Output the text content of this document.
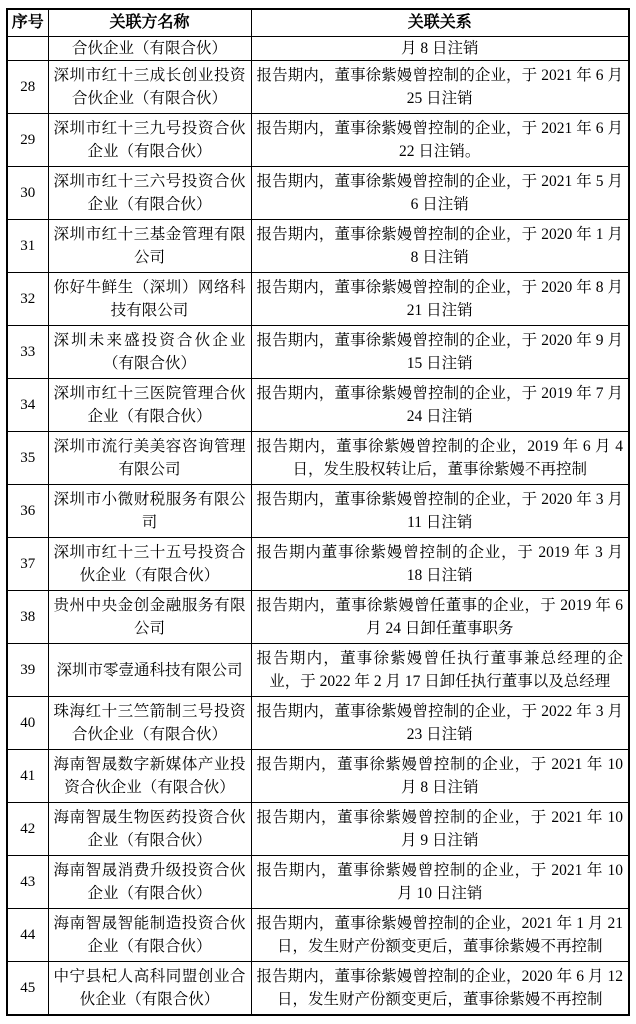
序号	关联方名称	关联关系
	合伙企业（有限合伙）	月 8 日注销
28	深圳市红十三成长创业投资合伙企业（有限合伙）	报告期内，董事徐紫嫚曾控制的企业，于 2021 年 6 月 25 日注销
29	深圳市红十三九号投资合伙企业（有限合伙）	报告期内，董事徐紫嫚曾控制的企业，于 2021 年 6 月 22 日注销。
30	深圳市红十三六号投资合伙企业（有限合伙）	报告期内，董事徐紫嫚曾控制的企业，于 2021 年 5 月 6 日注销
31	深圳市红十三基金管理有限公司	报告期内，董事徐紫嫚曾控制的企业，于 2020 年 1 月 8 日注销
32	你好牛鲜生（深圳）网络科技有限公司	报告期内，董事徐紫嫚曾控制的企业，于 2020 年 8 月 21 日注销
33	深圳未来盛投资合伙企业（有限合伙）	报告期内，董事徐紫嫚曾控制的企业，于 2020 年 9 月 15 日注销
34	深圳市红十三医院管理合伙企业（有限合伙）	报告期内，董事徐紫嫚曾控制的企业，于 2019 年 7 月 24 日注销
35	深圳市流行美美容咨询管理有限公司	报告期内，董事徐紫嫚曾控制的企业，2019 年 6 月 4 日，发生股权转让后，董事徐紫嫚不再控制
36	深圳市小微财税服务有限公司	报告期内，董事徐紫嫚曾控制的企业，于 2020 年 3 月 11 日注销
37	深圳市红十三十五号投资合伙企业（有限合伙）	报告期内董事徐紫嫚曾控制的企业，于 2019 年 3 月 18 日注销
38	贵州中央金创金融服务有限公司	报告期内，董事徐紫嫚曾任董事的企业，于 2019 年 6 月 24 日卸任董事职务
39	深圳市零壹通科技有限公司	报告期内，董事徐紫嫚曾任执行董事兼总经理的企业，于 2022 年 2 月 17 日卸任执行董事以及总经理
40	珠海红十三竺箭制三号投资合伙企业（有限合伙）	报告期内，董事徐紫嫚曾控制的企业，于 2022 年 3 月 23 日注销
41	海南智晟数字新媒体产业投资合伙企业（有限合伙）	报告期内，董事徐紫嫚曾控制的企业，于 2021 年 10 月 8 日注销
42	海南智晟生物医药投资合伙企业（有限合伙）	报告期内，董事徐紫嫚曾控制的企业，于 2021 年 10 月 9 日注销
43	海南智晟消费升级投资合伙企业（有限合伙）	报告期内，董事徐紫嫚曾控制的企业，于 2021 年 10 月 10 日注销
44	海南智晟智能制造投资合伙企业（有限合伙）	报告期内，董事徐紫嫚曾控制的企业，2021 年 1 月 21 日，发生财产份额变更后，董事徐紫嫚不再控制
45	中宁县杞人高科同盟创业合伙企业（有限合伙）	报告期内，董事徐紫嫚曾控制的企业，2020 年 6 月 12 日，发生财产份额变更后，董事徐紫嫚不再控制
